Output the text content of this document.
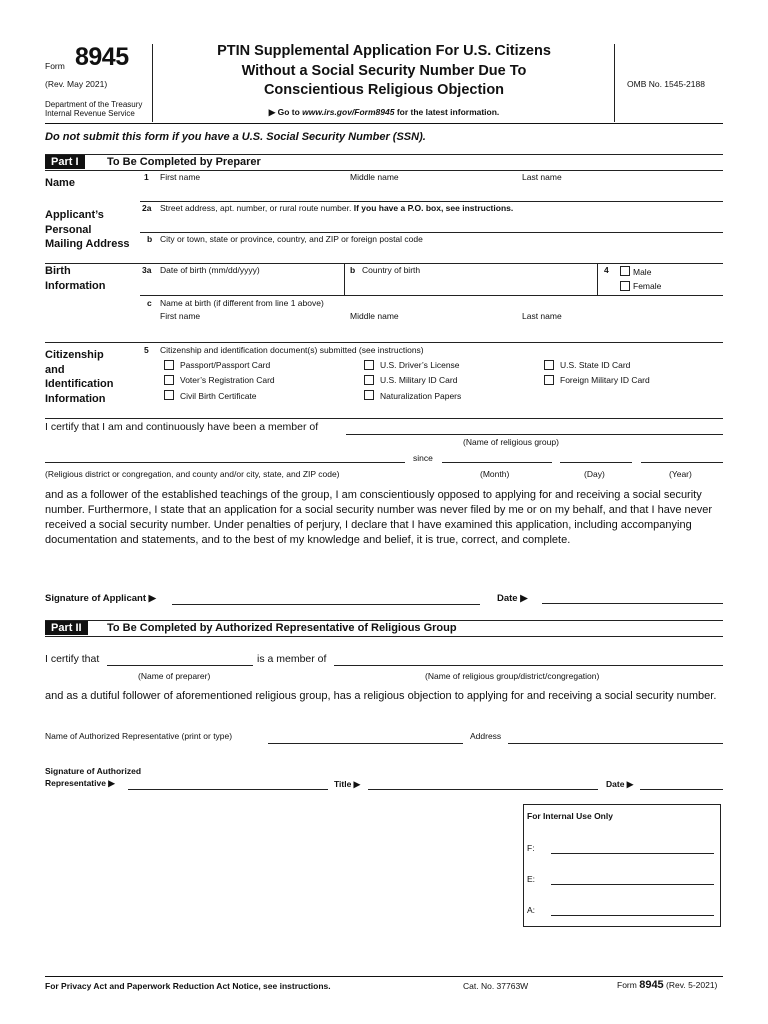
Form 8945
(Rev. May 2021)
Department of the Treasury
Internal Revenue Service
PTIN Supplemental Application For U.S. Citizens
Without a Social Security Number Due To
Conscientious Religious Objection
▶ Go to www.irs.gov/Form8945 for the latest information.
OMB No. 1545-2188
Do not submit this form if you have a U.S. Social Security Number (SSN).
Part I	To Be Completed by Preparer
Name	1 First name	Middle name	Last name
Applicant’s
Personal
Mailing Address
2a Street address, apt. number, or rural route number. If you have a P.O. box, see instructions.
b City or town, state or province, country, and ZIP or foreign postal code
Birth
Information
3a Date of birth (mm/dd/yyyy)	b Country of birth	4	Male
Female
c Name at birth (if different from line 1 above)
First name	Middle name	Last name
Citizenship
and
Identification
Information
5 Citizenship and identification document(s) submitted (see instructions)
Passport/Passport Card
Voter’s Registration Card
Civil Birth Certificate
U.S. Driver’s License
U.S. Military ID Card
Naturalization Papers
U.S. State ID Card
Foreign Military ID Card
I certify that I am and continuously have been a member of
(Name of religious group)
since
(Religious district or congregation, and county and/or city, state, and ZIP code)	(Month)	(Day)	(Year)

and as a follower of the established teachings of the group, I am conscientiously opposed to applying for and receiving a social security number. Furthermore, I state that an application for a social security number was never filed by me or on my behalf, and that I have never received a social security number. Under penalties of perjury, I declare that I have examined this application, including accompanying documentation and statements, and to the best of my knowledge and belief, it is true, correct, and complete.

Signature of Applicant ▶	Date ▶
Part II	To Be Completed by Authorized Representative of Religious Group
I certify that	is a member of
(Name of preparer)	(Name of religious group/district/congregation)

and as a dutiful follower of aforementioned religious group, has a religious objection to applying for and receiving a social security number.

Name of Authorized Representative (print or type)	Address
Signature of Authorized
Representative ▶	Title ▶	Date ▶
For Internal Use Only
F:
E:
A:
For Privacy Act and Paperwork Reduction Act Notice, see instructions.	Cat. No. 37763W	Form 8945 (Rev. 5-2021)
